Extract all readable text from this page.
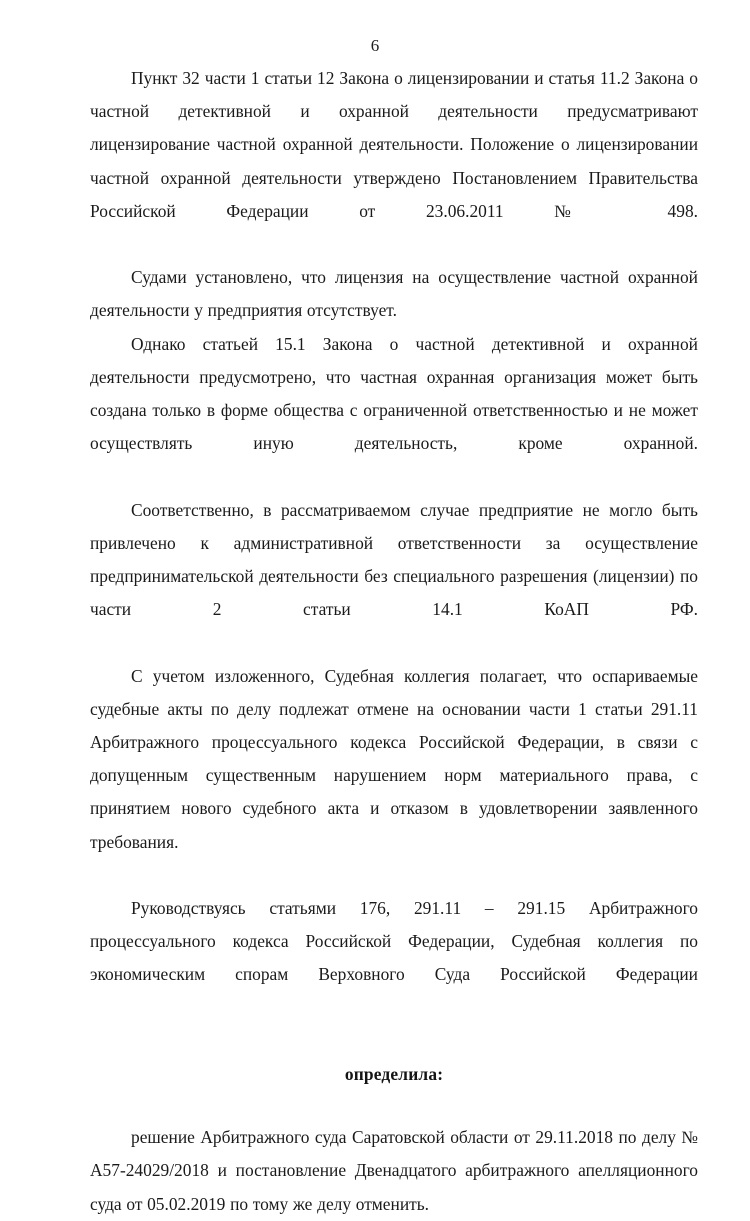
6

Пункт 32 части 1 статьи 12 Закона о лицензировании и статья 11.2 Закона о частной детективной и охранной деятельности предусматривают лицензирование частной охранной деятельности. Положение о лицензировании частной охранной деятельности утверждено Постановлением Правительства Российской Федерации от 23.06.2011 № 498.

Судами установлено, что лицензия на осуществление частной охранной деятельности у предприятия отсутствует.

Однако статьей 15.1 Закона о частной детективной и охранной деятельности предусмотрено, что частная охранная организация может быть создана только в форме общества с ограниченной ответственностью и не может осуществлять иную деятельность, кроме охранной.

Соответственно, в рассматриваемом случае предприятие не могло быть привлечено к административной ответственности за осуществление предпринимательской деятельности без специального разрешения (лицензии) по части 2 статьи 14.1 КоАП РФ.

С учетом изложенного, Судебная коллегия полагает, что оспариваемые судебные акты по делу подлежат отмене на основании части 1 статьи 291.11 Арбитражного процессуального кодекса Российской Федерации, в связи с допущенным существенным нарушением норм материального права, с принятием нового судебного акта и отказом в удовлетворении заявленного требования.

Руководствуясь статьями 176, 291.11 – 291.15 Арбитражного процессуального кодекса Российской Федерации, Судебная коллегия по экономическим спорам Верховного Суда Российской Федерации

определила:

решение Арбитражного суда Саратовской области от 29.11.2018 по делу № А57-24029/2018 и постановление Двенадцатого арбитражного апелляционного суда от 05.02.2019 по тому же делу отменить.
